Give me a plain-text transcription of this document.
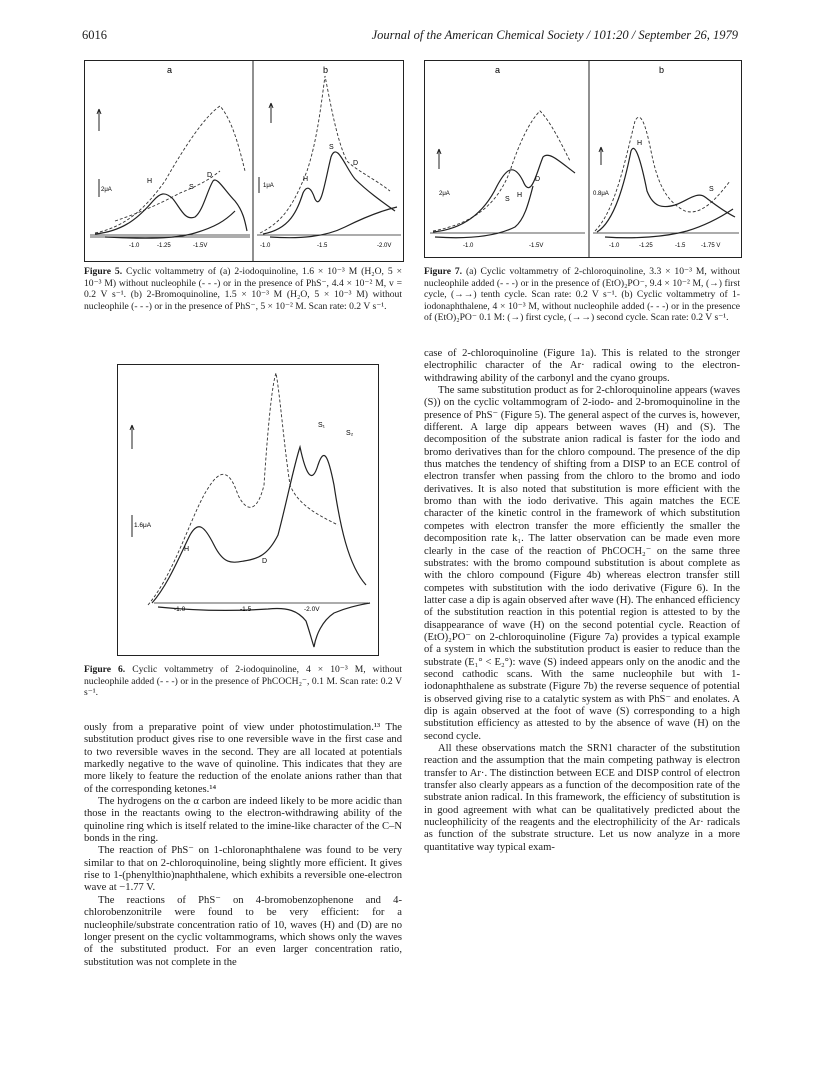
6016	Journal of the American Chemical Society / 101:20 / September 26, 1979
a
2μA
H
S
D
-1.0	-1.25	-1.5V
b
1μA
H
S
D
-1.0	-1.5	-2.0V
Figure 5. Cyclic voltammetry of (a) 2-iodoquinoline, 1.6 × 10⁻³ M (H₂O, 5 × 10⁻³ M) without nucleophile (- - -) or in the presence of PhS⁻, 4.4 × 10⁻² M, v = 0.2 V s⁻¹. (b) 2-Bromoquinoline, 1.5 × 10⁻³ M (H₂O, 5 × 10⁻³ M) without nucleophile (- - -) or in the presence of PhS⁻, 5 × 10⁻² M. Scan rate: 0.2 V s⁻¹.
a
2μA	H
D
S
-1.0	-1.5V
b
0.8μA
H
S
-1.0	-1.25	-1.5	-1.75 V
Figure 7. (a) Cyclic voltammetry of 2-chloroquinoline, 3.3 × 10⁻³ M, without nucleophile added (- - -) or in the presence of (EtO)₂PO⁻, 9.4 × 10⁻² M, (→) first cycle, (→→) tenth cycle. Scan rate: 0.2 V s⁻¹. (b) Cyclic voltammetry of 1-iodonaphthalene, 4 × 10⁻³ M, without nucleophile added (- - -) or in the presence of (EtO)₂PO⁻ 0.1 M: (→) first cycle, (→→) second cycle. Scan rate: 0.2 V s⁻¹.
1.6μA
H
D
S₁
S₂
-1.0	-1.5	-2.0V
Figure 6. Cyclic voltammetry of 2-iodoquinoline, 4 × 10⁻³ M, without nucleophile added (- - -) or in the presence of PhCOCH₂⁻, 0.1 M. Scan rate: 0.2 V s⁻¹.

ously from a preparative point of view under photostimulation.¹³ The substitution product gives rise to one reversible wave in the first case and to two reversible waves in the second. They are all located at potentials markedly negative to the wave of quinoline. This indicates that they are more likely to feature the reduction of the enolate anions rather than that of the corresponding ketones.¹⁴

The hydrogens on the α carbon are indeed likely to be more acidic than those in the reactants owing to the electron-withdrawing ability of the quinoline ring which is itself related to the imine-like character of the C–N bonds in the ring.

The reaction of PhS⁻ on 1-chloronaphthalene was found to be very similar to that on 2-chloroquinoline, being slightly more efficient. It gives rise to 1-(phenylthio)naphthalene, which exhibits a reversible one-electron wave at −1.77 V.

The reactions of PhS⁻ on 4-bromobenzophenone and 4-chlorobenzonitrile were found to be very efficient: for a nucleophile/substrate concentration ratio of 10, waves (H) and (D) are no longer present on the cyclic voltammograms, which shows only the waves of the substituted product. For an even larger concentration ratio, substitution was not complete in the

case of 2-chloroquinoline (Figure 1a). This is related to the stronger electrophilic character of the Ar· radical owing to the electron-withdrawing ability of the carbonyl and the cyano groups.

The same substitution product as for 2-chloroquinoline appears (waves (S)) on the cyclic voltammogram of 2-iodo- and 2-bromoquinoline in the presence of PhS⁻ (Figure 5). The general aspect of the curves is, however, different. A large dip appears between waves (H) and (S). The decomposition of the substrate anion radical is faster for the iodo and bromo derivatives than for the chloro compound. The presence of the dip thus matches the tendency of shifting from a DISP to an ECE control of electron transfer when passing from the chloro to the bromo and iodo derivatives. It is also noted that substitution is more efficient with the bromo than with the iodo derivative. This again matches the ECE character of the kinetic control in the framework of which substitution competes with electron transfer the more efficiently the smaller the decomposition rate k₁. The latter observation can be made even more clearly in the case of the reaction of PhCOCH₂⁻ on the same three substrates: with the bromo compound substitution is about complete as with the chloro compound (Figure 4b) whereas electron transfer still competes with substitution with the iodo derivative (Figure 6). In the latter case a dip is again observed after wave (H). The enhanced efficiency of the substitution reaction in this potential region is attested to by the disappearance of wave (H) on the second potential cycle. Reaction of (EtO)₂PO⁻ on 2-chloroquinoline (Figure 7a) provides a typical example of a system in which the substitution product is easier to reduce than the substrate (E₁° < E₂°): wave (S) indeed appears only on the anodic and the second cathodic scans. With the same nucleophile but with 1-iodonaphthalene as substrate (Figure 7b) the reverse sequence of potential is observed giving rise to a catalytic system as with PhS⁻ and enolates. A dip is again observed at the foot of wave (S) corresponding to a high substitution efficiency as attested to by the absence of wave (H) on the second cycle.

All these observations match the SRN1 character of the substitution reaction and the assumption that the main competing pathway is electron transfer to Ar·. The distinction between ECE and DISP control of electron transfer also clearly appears as a function of the decomposition rate of the substrate anion radical. In this framework, the efficiency of substitution is in good agreement with what can be qualitatively predicted about the nucleophilicity of the reagents and the electrophilicity of the Ar· radicals as function of the substrate structure. Let us now analyze in a more quantitative way typical exam-
